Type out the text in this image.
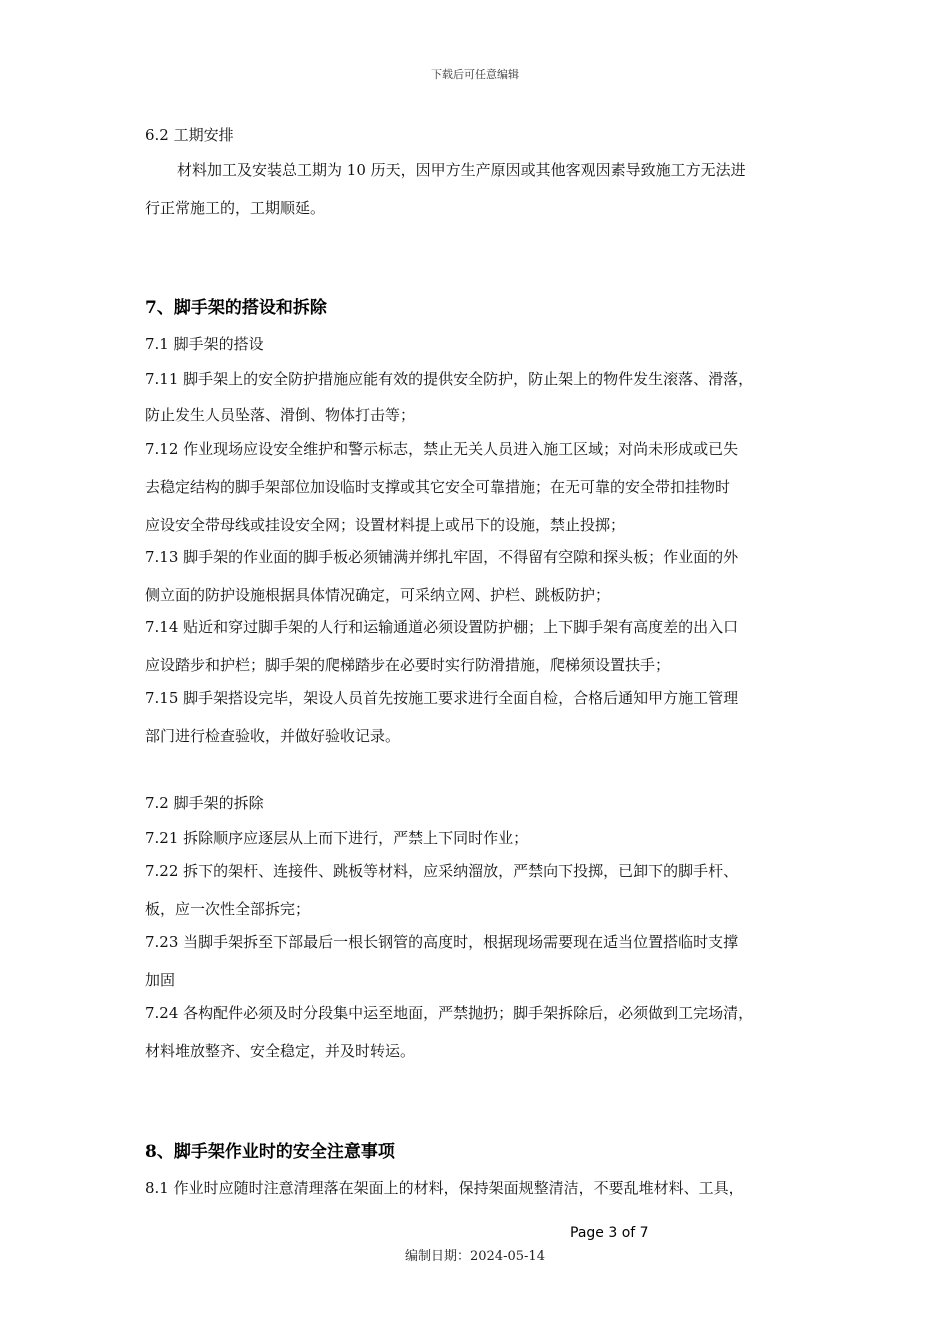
下载后可任意编辑
6.2 工期安排
材料加工及安装总工期为 10 历天，因甲方生产原因或其他客观因素导致施工方无法进
行正常施工的，工期顺延。
7、脚手架的搭设和拆除
7.1 脚手架的搭设
7.11 脚手架上的安全防护措施应能有效的提供安全防护，防止架上的物件发生滚落、滑落，
防止发生人员坠落、滑倒、物体打击等；
7.12 作业现场应设安全维护和警示标志，禁止无关人员进入施工区域；对尚未形成或已失
去稳定结构的脚手架部位加设临时支撑或其它安全可靠措施；在无可靠的安全带扣挂物时
应设安全带母线或挂设安全网；设置材料提上或吊下的设施，禁止投掷；
7.13 脚手架的作业面的脚手板必须铺满并绑扎牢固，不得留有空隙和探头板；作业面的外
侧立面的防护设施根据具体情况确定，可采纳立网、护栏、跳板防护；
7.14 贴近和穿过脚手架的人行和运输通道必须设置防护棚；上下脚手架有高度差的出入口
应设踏步和护栏；脚手架的爬梯踏步在必要时实行防滑措施，爬梯须设置扶手；
7.15 脚手架搭设完毕，架设人员首先按施工要求进行全面自检，合格后通知甲方施工管理
部门进行检查验收，并做好验收记录。
7.2 脚手架的拆除
7.21 拆除顺序应逐层从上而下进行，严禁上下同时作业；
7.22 拆下的架杆、连接件、跳板等材料，应采纳溜放，严禁向下投掷，已卸下的脚手杆、
板，应一次性全部拆完；
7.23 当脚手架拆至下部最后一根长钢管的高度时，根据现场需要现在适当位置搭临时支撑
加固
7.24 各构配件必须及时分段集中运至地面，严禁抛扔；脚手架拆除后，必须做到工完场清，
材料堆放整齐、安全稳定，并及时转运。
8、脚手架作业时的安全注意事项
8.1 作业时应随时注意清理落在架面上的材料，保持架面规整清洁，不要乱堆材料、工具，
Page 3 of 7
编制日期：2024-05-14
